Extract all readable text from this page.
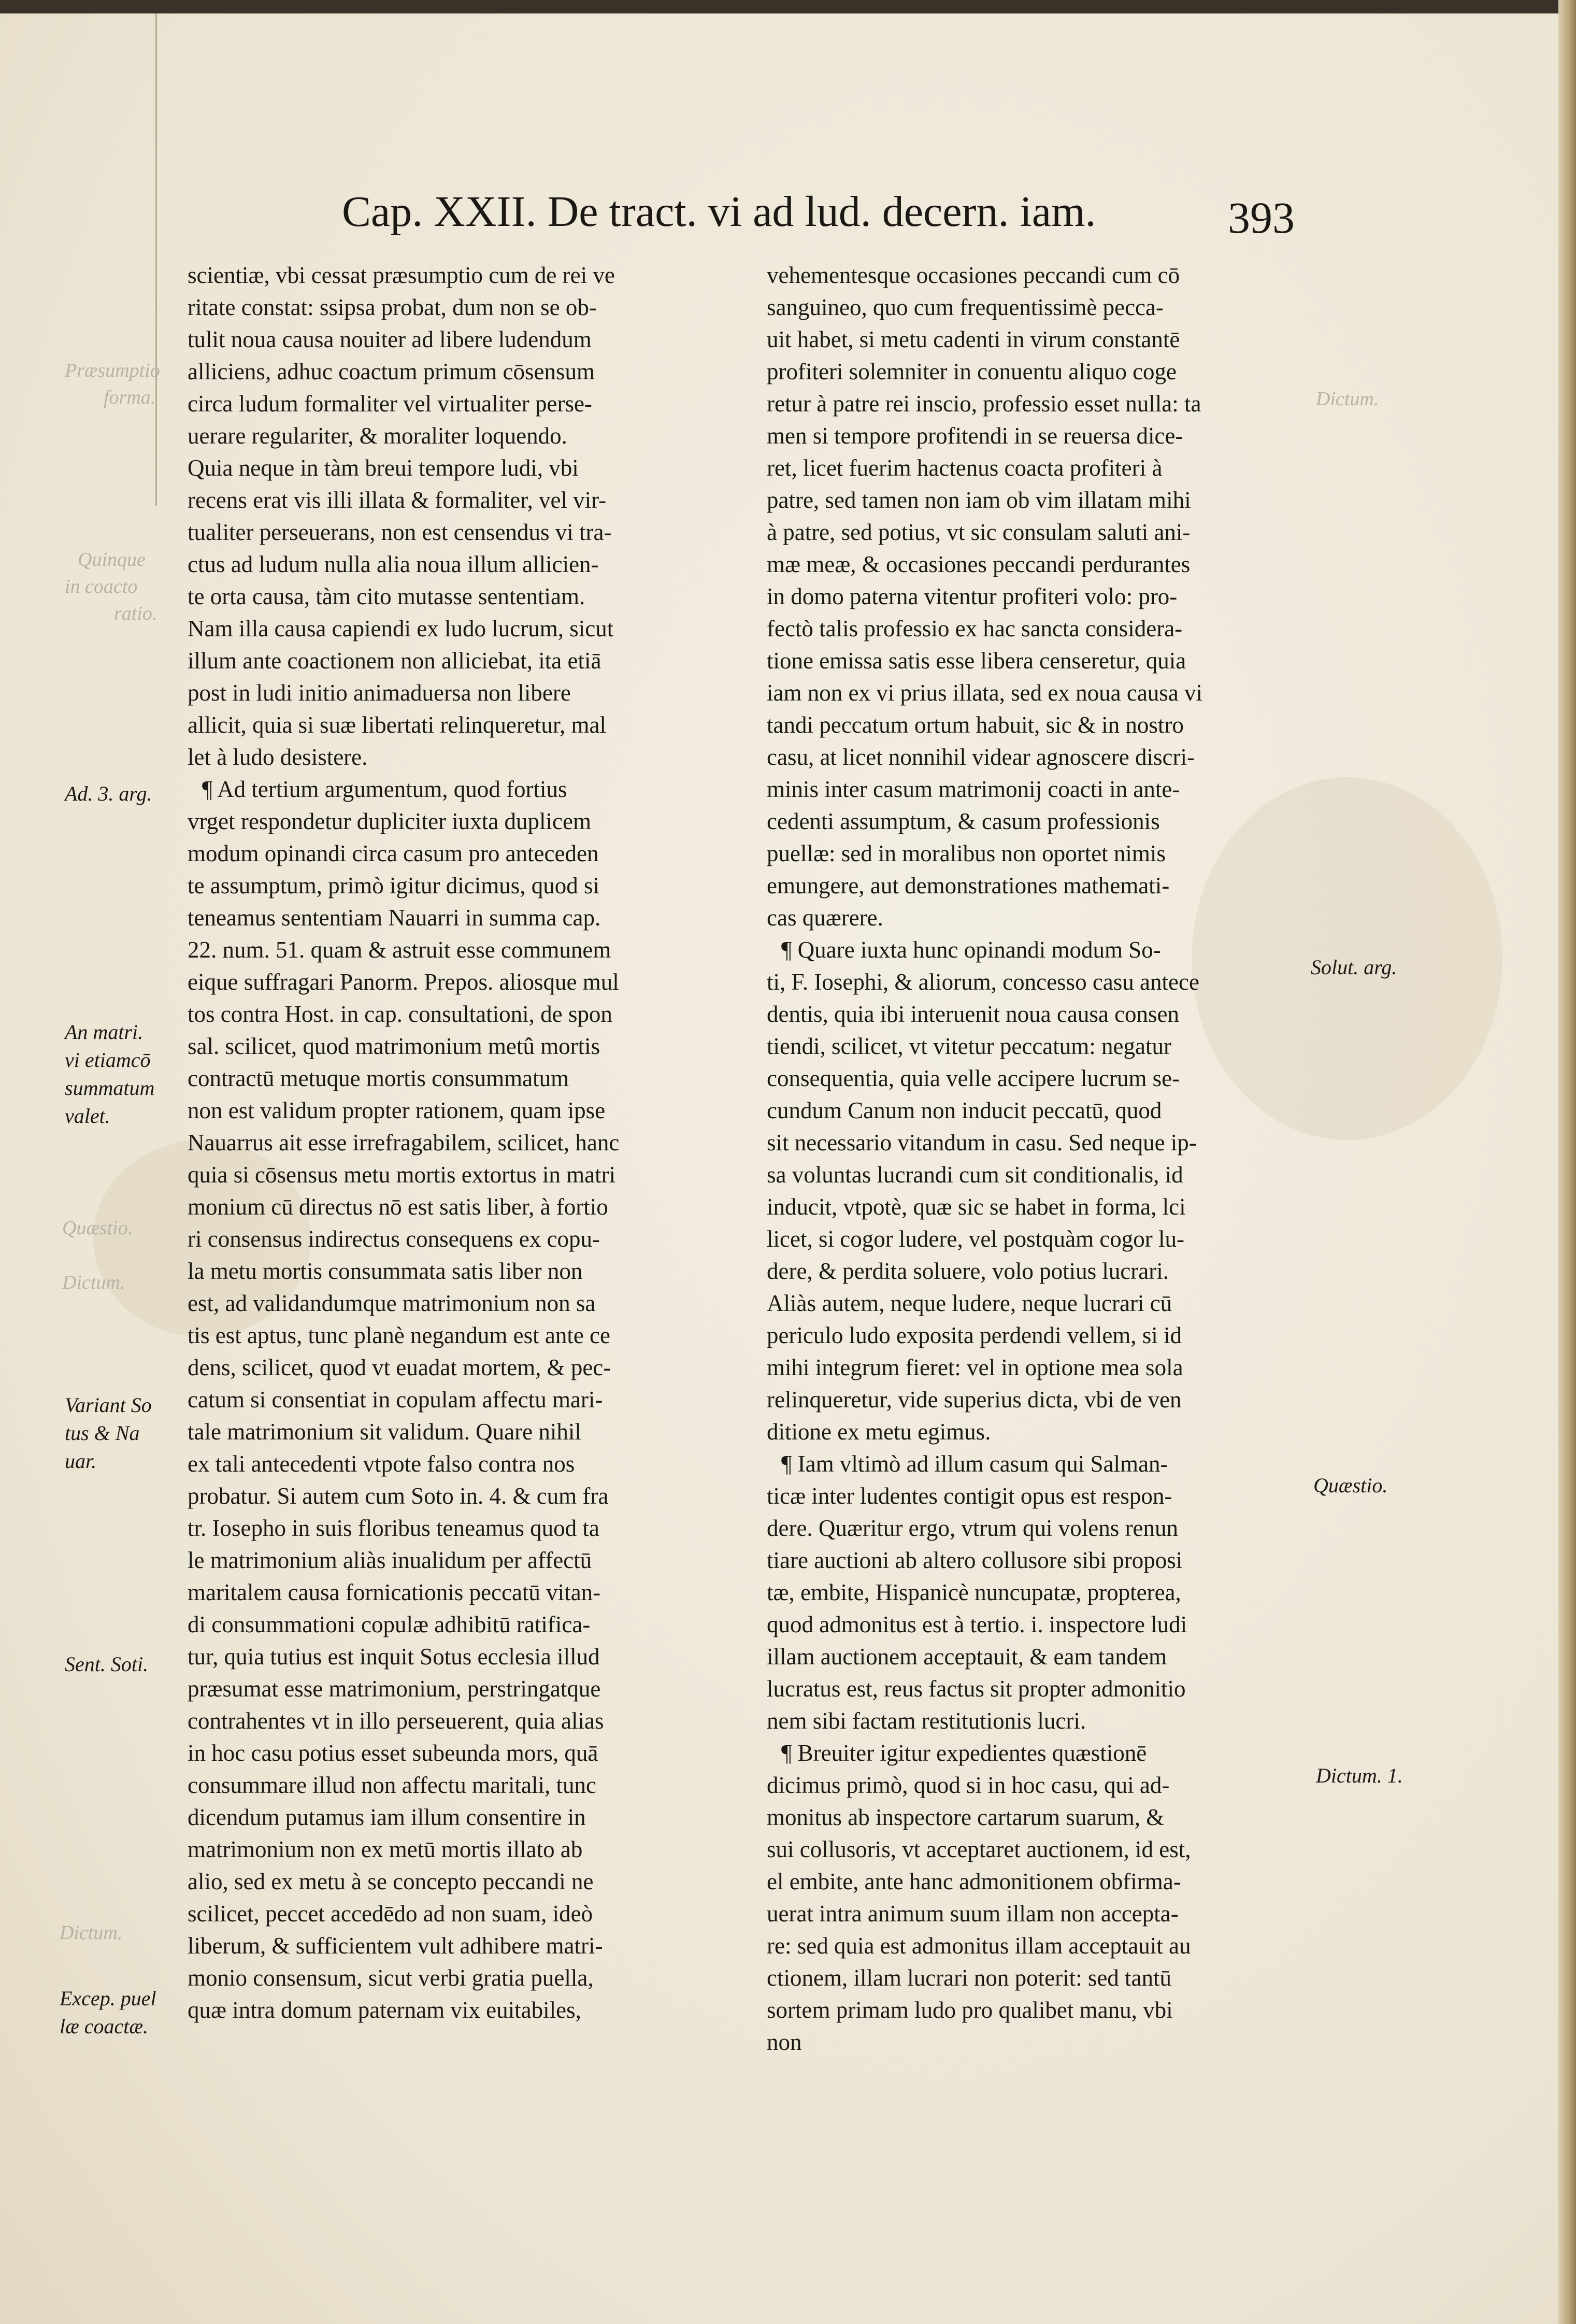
Cap. XXII. De tract. vi ad lud. decern. iam.	393
scientiæ, vbi cessat præsumptio cum de rei ve
ritate constat: ssipsa probat, dum non se ob-
tulit noua causa nouiter ad libere ludendum
alliciens, adhuc coactum primum cōsensum
circa ludum formaliter vel virtualiter perse-
uerare regulariter, & moraliter loquendo.
Quia neque in tàm breui tempore ludi, vbi
recens erat vis illi illata & formaliter, vel vir-
tualiter perseuerans, non est censendus vi tra-
ctus ad ludum nulla alia noua illum allicien-
te orta causa, tàm cito mutasse sententiam.
Nam illa causa capiendi ex ludo lucrum, sicut
illum ante coactionem non alliciebat, ita etiā
post in ludi initio animaduersa non libere
allicit, quia si suæ libertati relinqueretur, mal
let à ludo desistere.
¶ Ad tertium argumentum, quod fortius
vrget respondetur dupliciter iuxta duplicem
modum opinandi circa casum pro anteceden
te assumptum, primò igitur dicimus, quod si
teneamus sententiam Nauarri in summa cap.
22. num. 51. quam & astruit esse communem
eique suffragari Panorm. Prepos. aliosque mul
tos contra Host. in cap. consultationi, de spon
sal. scilicet, quod matrimonium metû mortis
contractū metuque mortis consummatum
non est validum propter rationem, quam ipse
Nauarrus ait esse irrefragabilem, scilicet, hanc
quia si cōsensus metu mortis extortus in matri
monium cū directus nō est satis liber, à fortio
ri consensus indirectus consequens ex copu-
la metu mortis consummata satis liber non
est, ad validandumque matrimonium non sa
tis est aptus, tunc planè negandum est ante ce
dens, scilicet, quod vt euadat mortem, & pec-
catum si consentiat in copulam affectu mari-
tale matrimonium sit validum. Quare nihil
ex tali antecedenti vtpote falso contra nos
probatur. Si autem cum Soto in. 4. & cum fra
tr. Iosepho in suis floribus teneamus quod ta
le matrimonium aliàs inualidum per affectū
maritalem causa fornicationis peccatū vitan-
di consummationi copulæ adhibitū ratifica-
tur, quia tutius est inquit Sotus ecclesia illud
præsumat esse matrimonium, perstringatque
contrahentes vt in illo perseuerent, quia alias
in hoc casu potius esset subeunda mors, quā
consummare illud non affectu maritali, tunc
dicendum putamus iam illum consentire in
matrimonium non ex metū mortis illato ab
alio, sed ex metu à se concepto peccandi ne
scilicet, peccet accedēdo ad non suam, ideò
liberum, & sufficientem vult adhibere matri-
monio consensum, sicut verbi gratia puella,
quæ intra domum paternam vix euitabiles,
vehementesque occasiones peccandi cum cō
sanguineo, quo cum frequentissimè pecca-
uit habet, si metu cadenti in virum constantē
profiteri solemniter in conuentu aliquo coge
retur à patre rei inscio, professio esset nulla: ta
men si tempore profitendi in se reuersa dice-
ret, licet fuerim hactenus coacta profiteri à
patre, sed tamen non iam ob vim illatam mihi
à patre, sed potius, vt sic consulam saluti ani-
mæ meæ, & occasiones peccandi perdurantes
in domo paterna vitentur profiteri volo: pro-
fectò talis professio ex hac sancta considera-
tione emissa satis esse libera censeretur, quia
iam non ex vi prius illata, sed ex noua causa vi
tandi peccatum ortum habuit, sic & in nostro
casu, at licet nonnihil videar agnoscere discri-
minis inter casum matrimonij coacti in ante-
cedenti assumptum, & casum professionis
puellæ: sed in moralibus non oportet nimis
emungere, aut demonstrationes mathemati-
cas quærere.
¶ Quare iuxta hunc opinandi modum So-
ti, F. Iosephi, & aliorum, concesso casu antece
dentis, quia ibi interuenit noua causa consen
tiendi, scilicet, vt vitetur peccatum: negatur
consequentia, quia velle accipere lucrum se-
cundum Canum non inducit peccatū, quod
sit necessario vitandum in casu. Sed neque ip-
sa voluntas lucrandi cum sit conditionalis, id
inducit, vtpotè, quæ sic se habet in forma, lci
licet, si cogor ludere, vel postquàm cogor lu-
dere, & perdita soluere, volo potius lucrari.
Aliàs autem, neque ludere, neque lucrari cū
periculo ludo exposita perdendi vellem, si id
mihi integrum fieret: vel in optione mea sola
relinqueretur, vide superius dicta, vbi de ven
ditione ex metu egimus.
¶ Iam vltimò ad illum casum qui Salman-
ticæ inter ludentes contigit opus est respon-
dere. Quæritur ergo, vtrum qui volens renun
tiare auctioni ab altero collusore sibi proposi
tæ, embite, Hispanicè nuncupatæ, propterea,
quod admonitus est à tertio. i. inspectore ludi
illam auctionem acceptauit, & eam tandem
lucratus est, reus factus sit propter admonitio
nem sibi factam restitutionis lucri.
¶ Breuiter igitur expedientes quæstionē
dicimus primò, quod si in hoc casu, qui ad-
monitus ab inspectore cartarum suarum, &
sui collusoris, vt acceptaret auctionem, id est,
el embite, ante hanc admonitionem obfirma-
uerat intra animum suum illam non accepta-
re: sed quia est admonitus illam acceptauit au
ctionem, illam lucrari non poterit: sed tantū
sortem primam ludo pro qualibet manu, vbi
non
Ad. 3. arg.
An matri.
vi etiamcō
summatum
valet.
Variant So
tus & Na
uar.
Sent. Soti.
Excep. puel
læ coactæ.
Solut. arg.
Quæstio.
Dictum. 1.
Præsumptio
forma.
Quinque
in coacto
ratio.
Quæstio.
Dictum.
Dictum.
Dictum.
